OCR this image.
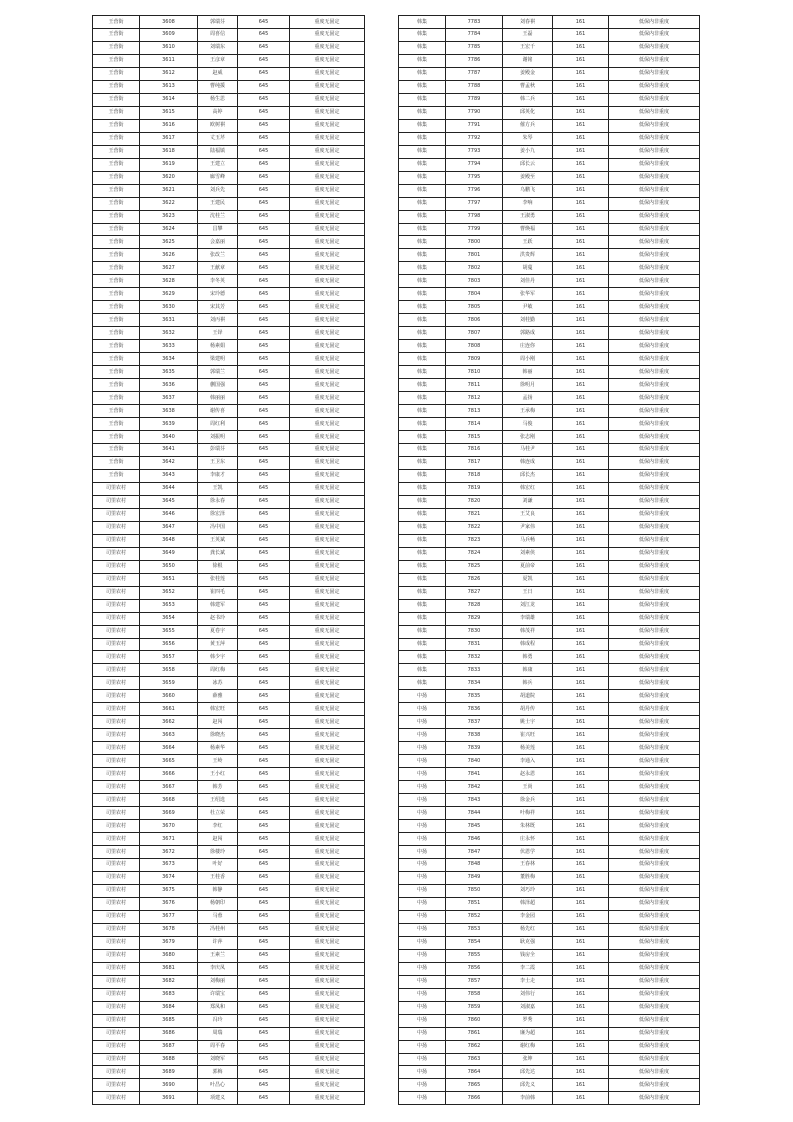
王营街	3608	郭瑞芬	645	重度无固定
王营街	3609	周喜信	645	重度无固定
王营街	3610	刘瑞东	645	重度无固定
王营街	3611	王彦章	645	重度无固定
王营街	3612	赵威	645	重度无固定
王营街	3613	曹纯援	645	重度无固定
王营街	3614	杨生思	645	重度无固定
王营街	3615	高婷	645	重度无固定
王营街	3616	欧树祺	645	重度无固定
王营街	3617	丈玉芹	645	重度无固定
王营街	3618	陆福镇	645	重度无固定
王营街	3619	王建立	645	重度无固定
王营街	3620	廊雪峰	645	重度无固定
王营街	3621	刘兵先	645	重度无固定
王营街	3622	王建民	645	重度无固定
王营街	3623	沈桂兰	645	重度无固定
王营街	3624	昌攀	645	重度无固定
王营街	3625	会嘉丽	645	重度无固定
王营街	3626	张改兰	645	重度无固定
王营街	3627	王献章	645	重度无固定
王营街	3628	李冬英	645	重度无固定
王营街	3629	宋玲德	645	重度无固定
王营街	3630	宋其芳	645	重度无固定
王营街	3631	刘丙祺	645	重度无固定
王营街	3632	王铎	645	重度无固定
王营街	3633	杨素娟	645	重度无固定
王营街	3634	梁建明	645	重度无固定
王营街	3635	郭瑞兰	645	重度无固定
王营街	3636	蒯国强	645	重度无固定
王营街	3637	韩丽丽	645	重度无固定
王营街	3638	谢传喜	645	重度无固定
王营街	3639	周红利	645	重度无固定
王营街	3640	刘振明	645	重度无固定
王营街	3641	彭瑞芬	645	重度无固定
王营街	3642	王卫东	645	重度无固定
王营街	3643	李康才	645	重度无固定
司里农村	3644	王凯	645	重度无固定
司里农村	3645	徐永春	645	重度无固定
司里农村	3646	徐宏泽	645	重度无固定
司里农村	3647	冯中国	645	重度无固定
司里农村	3648	王英斌	645	重度无固定
司里农村	3649	龚长斌	645	重度无固定
司里农村	3650	徐根	645	重度无固定
司里农村	3651	张桂莲	645	重度无固定
司里农村	3652	崔四毛	645	重度无固定
司里农村	3653	韩建军	645	重度无固定
司里农村	3654	赵书玲	645	重度无固定
司里农村	3655	夏卷宇	645	重度无固定
司里农村	3656	黄玉萍	645	重度无固定
司里农村	3657	韩少宇	645	重度无固定
司里农村	3658	周红梅	645	重度无固定
司里农村	3659	冰苏	645	重度无固定
司里农村	3660	薛雅	645	重度无固定
司里农村	3661	韩宏旺	645	重度无固定
司里农村	3662	赵闯	645	重度无固定
司里农村	3663	徐晓杰	645	重度无固定
司里农村	3664	杨素华	645	重度无固定
司里农村	3665	王岭	645	重度无固定
司里农村	3666	王小红	645	重度无固定
司里农村	3667	韩芳	645	重度无固定
司里农村	3668	王绍选	645	重度无固定
司里农村	3669	杜立荣	645	重度无固定
司里农村	3670	李红	645	重度无固定
司里农村	3671	赵闯	645	重度无固定
司里农村	3672	徐楼玲	645	重度无固定
司里农村	3673	叶好	645	重度无固定
司里农村	3674	王桂香	645	重度无固定
司里农村	3675	韩静	645	重度无固定
司里农村	3676	杨朝印	645	重度无固定
司里农村	3677	马蓉	645	重度无固定
司里农村	3678	冯桂州	645	重度无固定
司里农村	3679	许萍	645	重度无固定
司里农村	3680	王素兰	645	重度无固定
司里农村	3681	李庆凤	645	重度无固定
司里农村	3682	刘梅丽	645	重度无固定
司里农村	3683	许瑞宝	645	重度无固定
司里农村	3684	郑凤和	645	重度无固定
司里农村	3685	冯玲	645	重度无固定
司里农村	3686	周瑞	645	重度无固定
司里农村	3687	周平春	645	重度无固定
司里农村	3688	刘晓军	645	重度无固定
司里农村	3689	郭梅	645	重度无固定
司里农村	3690	叶昌心	645	重度无固定
司里农村	3691	项建义	645	重度无固定
韩集	7783	刘春祺	161	低保内非重度
韩集	7784	王磊	161	低保内非重度
韩集	7785	王宏千	161	低保内非重度
韩集	7786	谢铭	161	低保内非重度
韩集	7787	姜殿金	161	低保内非重度
韩集	7788	曹孟秋	161	低保内非重度
韩集	7789	韩二兵	161	低保内非重度
韩集	7790	邱英化	161	低保内非重度
韩集	7791	催方兵	161	低保内非重度
韩集	7792	朱琴	161	低保内非重度
韩集	7793	姜小九	161	低保内非重度
韩集	7794	邱长云	161	低保内非重度
韩集	7795	姜殿至	161	低保内非重度
韩集	7796	乌鹏飞	161	低保内非重度
韩集	7797	李响	161	低保内非重度
韩集	7798	王淑勇	161	低保内非重度
韩集	7799	曹焕福	161	低保内非重度
韩集	7800	王跃	161	低保内非重度
韩集	7801	洪贵辉	161	低保内非重度
韩集	7802	胡蔓	161	低保内非重度
韩集	7803	刘佳丹	161	低保内非重度
韩集	7804	张华军	161	低保内非重度
韩集	7805	尹敏	161	低保内非重度
韩集	7806	刘桂勤	161	低保内非重度
韩集	7807	郭路成	161	低保内非重度
韩集	7808	庄连你	161	低保内非重度
韩集	7809	周小刚	161	低保内非重度
韩集	7810	韩丽	161	低保内非重度
韩集	7811	徐明月	161	低保内非重度
韩集	7812	孟扬	161	低保内非重度
韩集	7813	王承梅	161	低保内非重度
韩集	7814	马俊	161	低保内非重度
韩集	7815	张志刚	161	低保内非重度
韩集	7816	马桂尹	161	低保内非重度
韩集	7817	韩连成	161	低保内非重度
韩集	7818	邱长杰	161	低保内非重度
韩集	7819	韩宏红	161	低保内非重度
韩集	7820	刘谦	161	低保内非重度
韩集	7821	王艾良	161	低保内非重度
韩集	7822	尹家伟	161	低保内非重度
韩集	7823	马兵畅	161	低保内非重度
韩集	7824	刘素侠	161	低保内非重度
韩集	7825	夏前帝	161	低保内非重度
韩集	7826	夏凯	161	低保内非重度
韩集	7827	王日	161	低保内非重度
韩集	7828	刘江龙	161	低保内非重度
韩集	7829	李瑞雄	161	低保内非重度
韩集	7830	韩茂祥	161	低保内非重度
韩集	7831	韩成程	161	低保内非重度
韩集	7832	韩勇	161	低保内非重度
韩集	7833	韩康	161	低保内非重度
韩集	7834	韩兵	161	低保内非重度
中扬	7835	胡道院	161	低保内非重度
中扬	7836	胡丹传	161	低保内非重度
中扬	7837	姚士宇	161	低保内非重度
中扬	7838	崔兴旺	161	低保内非重度
中扬	7839	杨美莲	161	低保内非重度
中扬	7840	李通入	161	低保内非重度
中扬	7841	赵永恩	161	低保内非重度
中扬	7842	王尚	161	低保内非重度
中扬	7843	徐金兵	161	低保内非重度
中扬	7844	叶梅祥	161	低保内非重度
中扬	7845	朱林既	161	低保内非重度
中扬	7846	庄永怀	161	低保内非重度
中扬	7847	伏恩学	161	低保内非重度
中扬	7848	王春林	161	低保内非重度
中扬	7849	董胜梅	161	低保内非重度
中扬	7850	刘巧玲	161	低保内非重度
中扬	7851	韩泽超	161	低保内非重度
中扬	7852	李金园	161	低保内非重度
中扬	7853	杨先红	161	低保内非重度
中扬	7854	耿克强	161	低保内非重度
中扬	7855	钱房全	161	低保内非重度
中扬	7856	李二霞	161	低保内非重度
中扬	7857	李士走	161	低保内非重度
中扬	7858	刘伟行	161	低保内非重度
中扬	7859	刘淑嘉	161	低保内非重度
中扬	7860	罗秀	161	低保内非重度
中扬	7861	廉为超	161	低保内非重度
中扬	7862	谢红梅	161	低保内非重度
中扬	7863	张坤	161	低保内非重度
中扬	7864	邱先达	161	低保内非重度
中扬	7865	邱先义	161	低保内非重度
中扬	7866	李前韩	161	低保内非重度
